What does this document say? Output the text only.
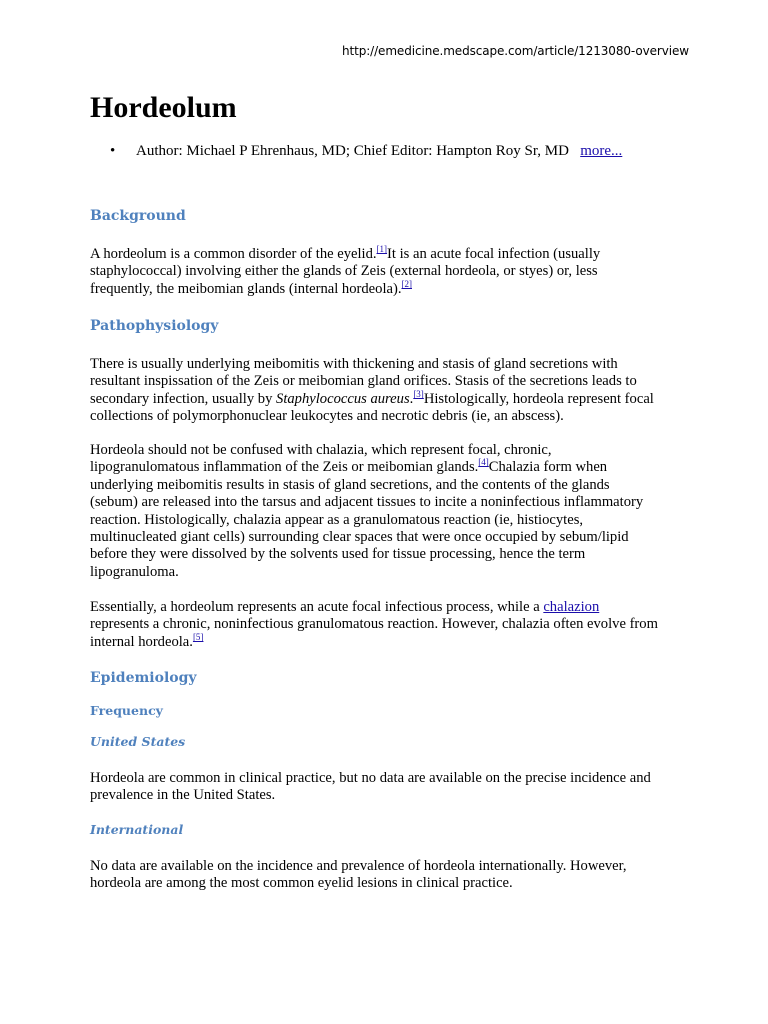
http://emedicine.medscape.com/article/1213080-overview
Hordeolum
• Author: Michael P Ehrenhaus, MD; Chief Editor: Hampton Roy Sr, MD more...
Background
A hordeolum is a common disorder of the eyelid.[1]It is an acute focal infection (usually
staphylococcal) involving either the glands of Zeis (external hordeola, or styes) or, less
frequently, the meibomian glands (internal hordeola).[2]
Pathophysiology
There is usually underlying meibomitis with thickening and stasis of gland secretions with
resultant inspissation of the Zeis or meibomian gland orifices. Stasis of the secretions leads to
secondary infection, usually by Staphylococcus aureus.[3]Histologically, hordeola represent focal
collections of polymorphonuclear leukocytes and necrotic debris (ie, an abscess).
Hordeola should not be confused with chalazia, which represent focal, chronic,
lipogranulomatous inflammation of the Zeis or meibomian glands.[4]Chalazia form when
underlying meibomitis results in stasis of gland secretions, and the contents of the glands
(sebum) are released into the tarsus and adjacent tissues to incite a noninfectious inflammatory
reaction. Histologically, chalazia appear as a granulomatous reaction (ie, histiocytes,
multinucleated giant cells) surrounding clear spaces that were once occupied by sebum/lipid
before they were dissolved by the solvents used for tissue processing, hence the term
lipogranuloma.
Essentially, a hordeolum represents an acute focal infectious process, while a chalazion
represents a chronic, noninfectious granulomatous reaction. However, chalazia often evolve from
internal hordeola.[5]
Epidemiology
Frequency
United States
Hordeola are common in clinical practice, but no data are available on the precise incidence and
prevalence in the United States.
International
No data are available on the incidence and prevalence of hordeola internationally. However,
hordeola are among the most common eyelid lesions in clinical practice.
